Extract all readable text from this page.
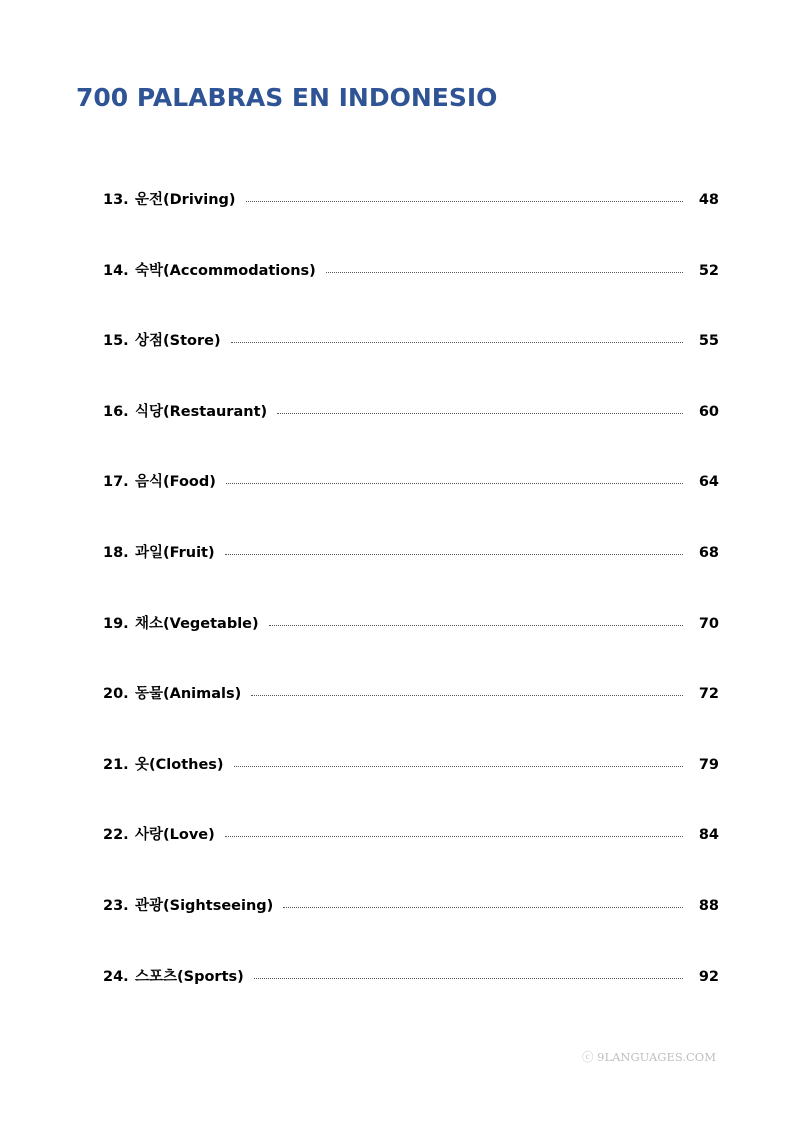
700 PALABRAS EN INDONESIO
13. 운전(Driving)	48
14. 숙박(Accommodations)	52
15. 상점(Store)	55
16. 식당(Restaurant)	60
17. 음식(Food)	64
18. 과일(Fruit)	68
19. 채소(Vegetable)	70
20. 동물(Animals)	72
21. 옷(Clothes)	79
22. 사랑(Love)	84
23. 관광(Sightseeing)	88
24. 스포츠(Sports)	92
ⓒ 9LANGUAGES.COM
